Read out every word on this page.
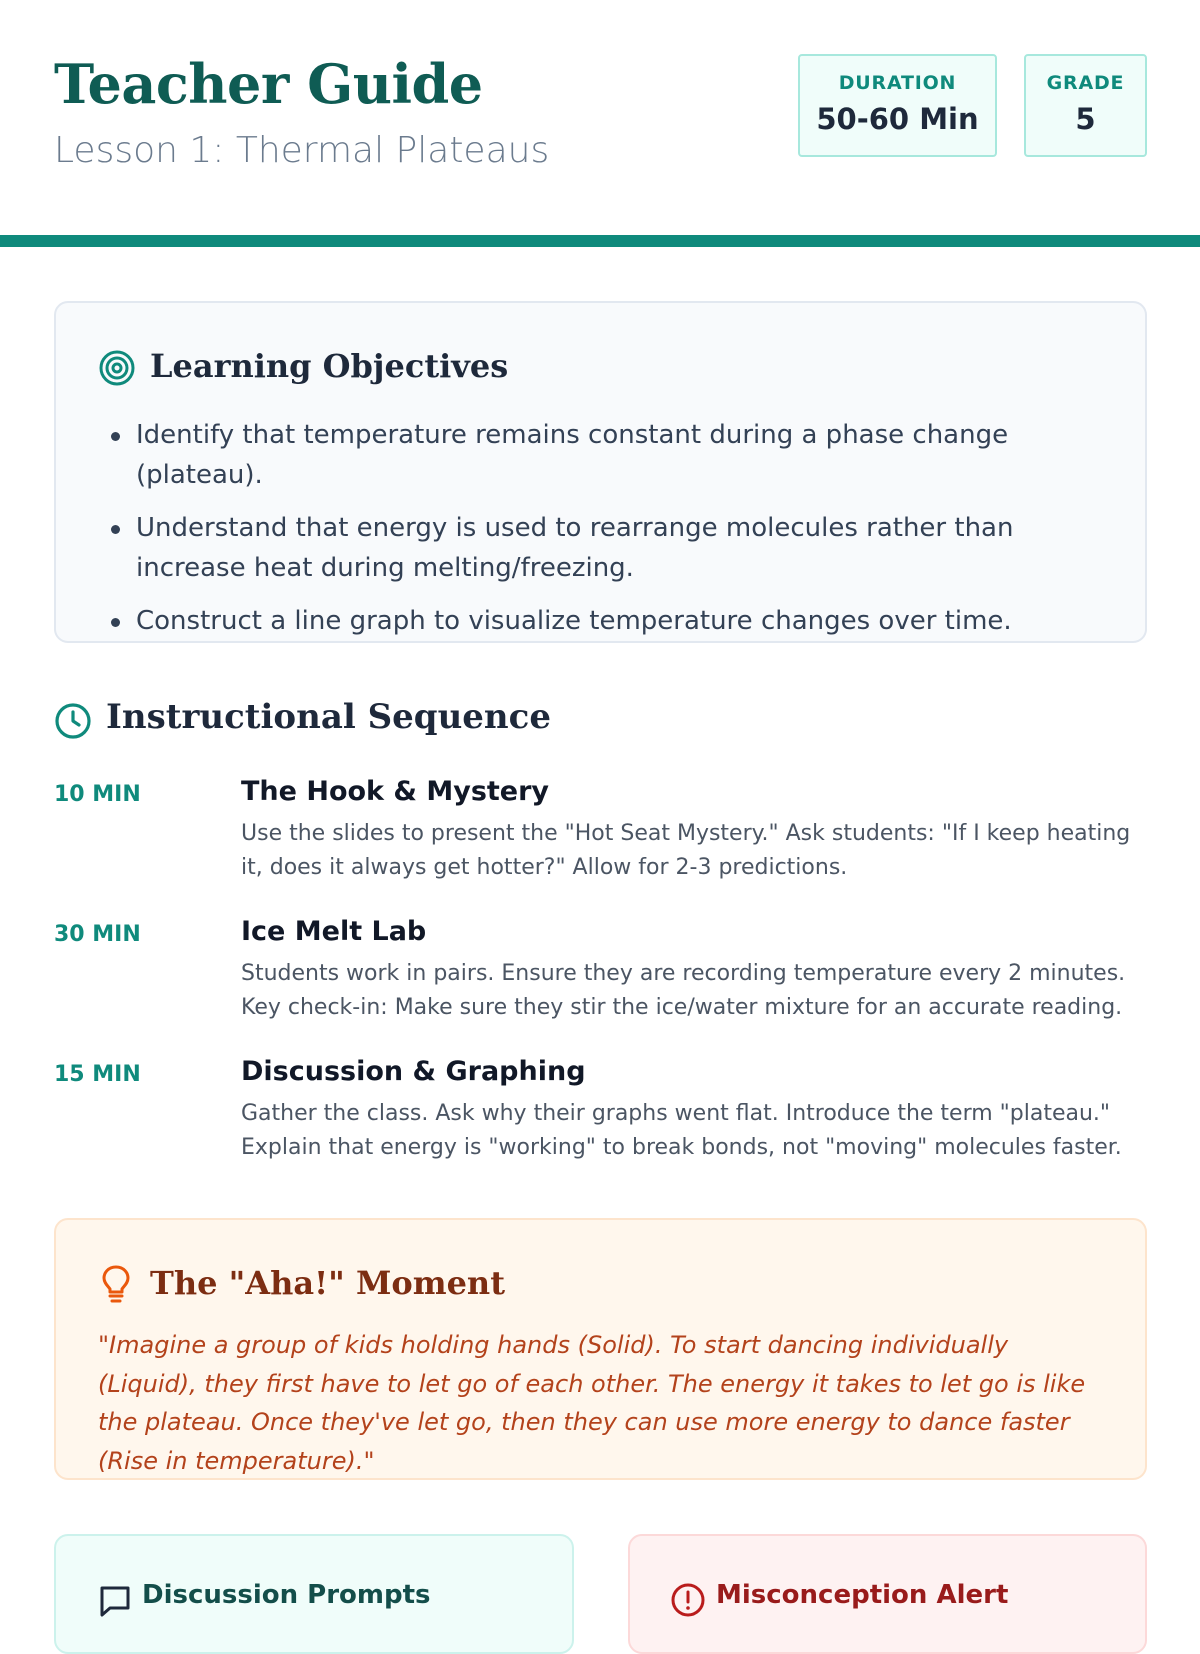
Teacher Guide
Lesson 1: Thermal Plateaus
DURATION
50-60 Min
GRADE
5
Learning Objectives
Identify that temperature remains constant during a phase change (plateau).
Understand that energy is used to rearrange molecules rather than increase heat during melting/freezing.
Construct a line graph to visualize temperature changes over time.
Instructional Sequence
10 MIN	The Hook & Mystery

Use the slides to present the "Hot Seat Mystery." Ask students: "If I keep heating it, does it always get hotter?" Allow for 2-3 predictions.

30 MIN	Ice Melt Lab

Students work in pairs. Ensure they are recording temperature every 2 minutes. Key check-in: Make sure they stir the ice/water mixture for an accurate reading.

15 MIN	Discussion & Graphing

Gather the class. Ask why their graphs went flat. Introduce the term "plateau." Explain that energy is "working" to break bonds, not "moving" molecules faster.

The "Aha!" Moment

"Imagine a group of kids holding hands (Solid). To start dancing individually (Liquid), they first have to let go of each other. The energy it takes to let go is like the plateau. Once they've let go, then they can use more energy to dance faster (Rise in temperature)."

Discussion Prompts	Misconception Alert
